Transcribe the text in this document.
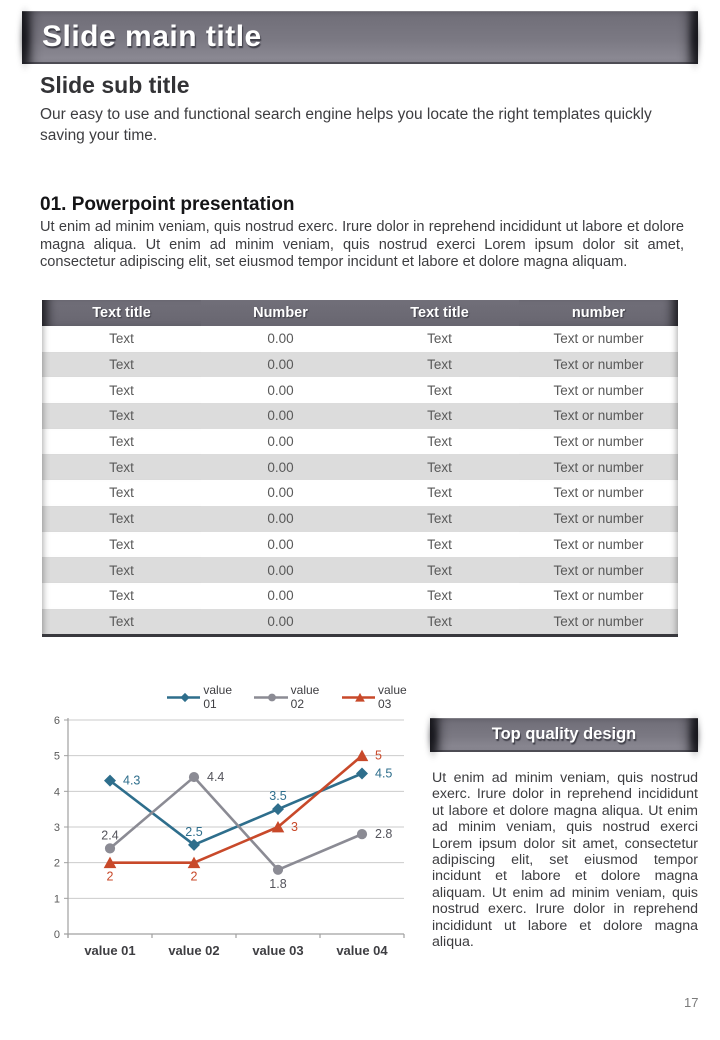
Slide main title
Slide sub title
Our easy to use and functional search engine helps you locate the right templates quickly saving your time.
01. Powerpoint presentation
Ut enim ad minim veniam, quis nostrud exerc. Irure dolor in reprehend incididunt ut labore et dolore magna aliqua. Ut enim ad minim veniam, quis nostrud exerci Lorem ipsum dolor sit amet, consectetur adipiscing elit, set eiusmod tempor incidunt et labore et dolore magna aliquam.
Text title	Number	Text title	number
Text	0.00	Text	Text or number
Text	0.00	Text	Text or number
Text	0.00	Text	Text or number
Text	0.00	Text	Text or number
Text	0.00	Text	Text or number
Text	0.00	Text	Text or number
Text	0.00	Text	Text or number
Text	0.00	Text	Text or number
Text	0.00	Text	Text or number
Text	0.00	Text	Text or number
Text	0.00	Text	Text or number
Text	0.00	Text	Text or number
value 01
value 02
value 03
0
1
2
3
4
5
6
value 01	value 02	value 03	value 04
4.3
2.5
3.5
4.5
2.4
4.4
1.8
2.8
2	2
3
5
Top quality design
Ut enim ad minim veniam, quis nostrud exerc. Irure dolor in reprehend incididunt ut labore et dolore magna aliqua. Ut enim ad minim veniam, quis nostrud exerci Lorem ipsum dolor sit amet, consectetur adipiscing elit, set eiusmod tempor incidunt et labore et dolore magna aliquam. Ut enim ad minim veniam, quis nostrud exerc. Irure dolor in reprehend incididunt ut labore et dolore magna aliqua.
17
